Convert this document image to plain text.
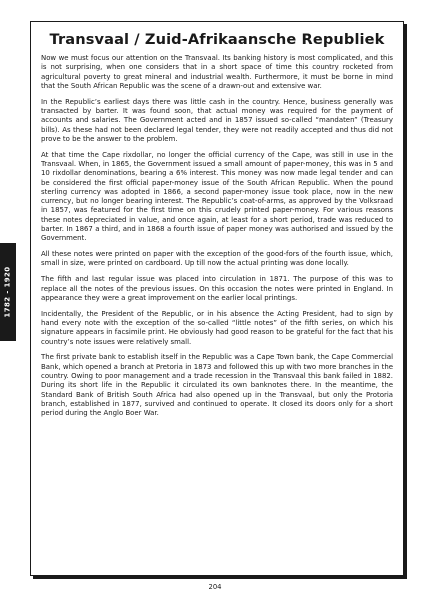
1782 - 1920
Transvaal / Zuid-Afrikaansche Republiek

Now we must focus our attention on the Transvaal. Its banking history is most complicated, and this is not surprising, when one considers that in a short space of time this country rocketed from agricultural poverty to great mineral and industrial wealth. Furthermore, it must be borne in mind that the South African Republic was the scene of a drawn-out and extensive war.

In the Republic’s earliest days there was little cash in the country. Hence, business generally was transacted by barter. It was found soon, that actual money was required for the payment of accounts and salaries. The Government acted and in 1857 issued so-called “mandaten” (Treasury bills). As these had not been declared legal tender, they were not readily accepted and thus did not prove to be the answer to the problem.

At that time the Cape rixdollar, no longer the official currency of the Cape, was still in use in the Transvaal. When, in 1865, the Government issued a small amount of paper-money, this was in 5 and 10 rixdollar denominations, bearing a 6% interest. This money was now made legal tender and can be considered the first official paper-money issue of the South African Republic. When the pound sterling currency was adopted in 1866, a second paper-money issue took place, now in the new currency, but no longer bearing interest. The Republic’s coat-of-arms, as approved by the Volksraad in 1857, was featured for the first time on this crudely printed paper-money. For various reasons these notes depreciated in value, and once again, at least for a short period, trade was reduced to barter. In 1867 a third, and in 1868 a fourth issue of paper money was authorised and issued by the Government.

All these notes were printed on paper with the exception of the good-fors of the fourth issue, which, small in size, were printed on cardboard. Up till now the actual printing was done locally.

The fifth and last regular issue was placed into circulation in 1871. The purpose of this was to replace all the notes of the previous issues. On this occasion the notes were printed in England. In appearance they were a great improvement on the earlier local printings.

Incidentally, the President of the Republic, or in his absence the Acting President, had to sign by hand every note with the exception of the so-called “little notes” of the fifth series, on which his signature appears in facsimile print. He obviously had good reason to be grateful for the fact that his country’s note issues were relatively small.

The first private bank to establish itself in the Republic was a Cape Town bank, the Cape Commercial Bank, which opened a branch at Pretoria in 1873 and followed this up with two more branches in the country. Owing to poor management and a trade recession in the Transvaal this bank failed in 1882. During its short life in the Republic it circulated its own banknotes there. In the meantime, the Standard Bank of British South Africa had also opened up in the Transvaal, but only the Protoria branch, established in 1877, survived and continued to operate. It closed its doors only for a short period during the Anglo Boer War.

204
